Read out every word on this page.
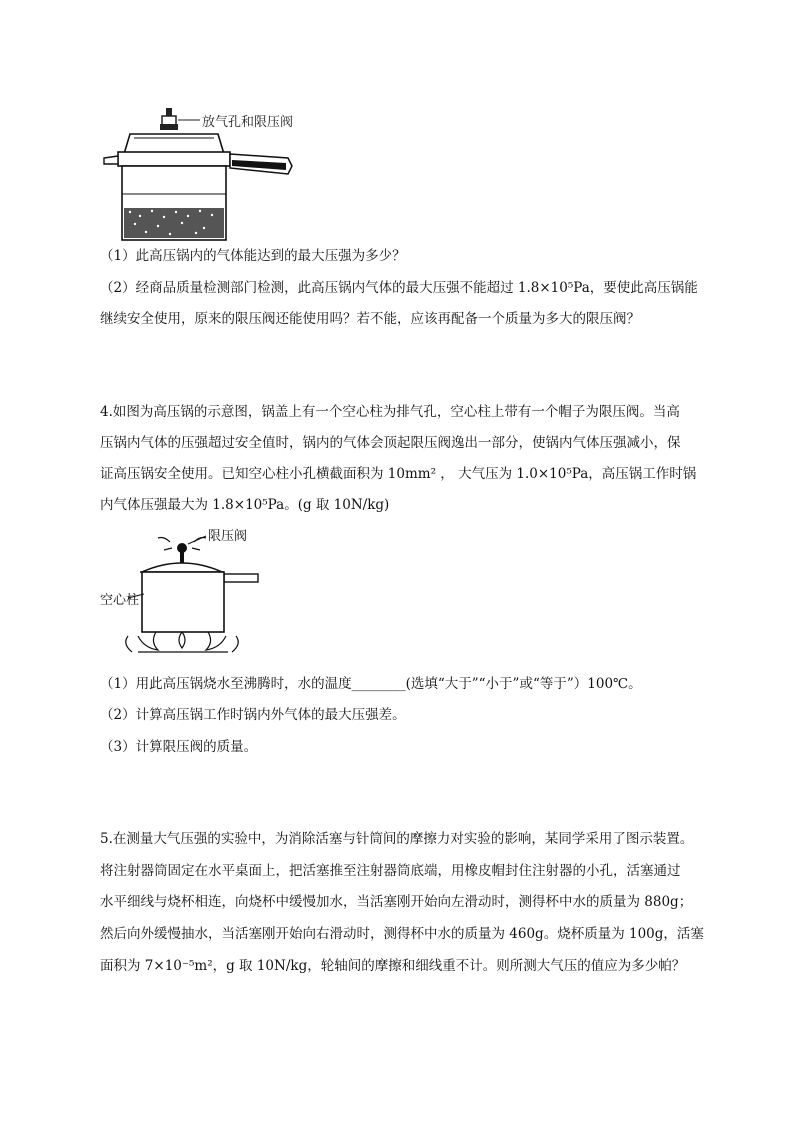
放气孔和限压阀
（1）此高压锅内的气体能达到的最大压强为多少？
（2）经商品质量检测部门检测，此高压锅内气体的最大压强不能超过 1.8×10⁵Pa，要使此高压锅能
继续安全使用，原来的限压阀还能使用吗？若不能，应该再配备一个质量为多大的限压阀？
4.如图为高压锅的示意图，锅盖上有一个空心柱为排气孔，空心柱上带有一个帽子为限压阀。当高
压锅内气体的压强超过安全值时，锅内的气体会顶起限压阀逸出一部分，使锅内气体压强减小，保
证高压锅安全使用。已知空心柱小孔横截面积为 10mm² ， 大气压为 1.0×10⁵Pa，高压锅工作时锅
内气体压强最大为 1.8×10⁵Pa。(g 取 10N/kg)
限压阀
空心柱
（1）用此高压锅烧水至沸腾时，水的温度________(选填“大于”“小于”或“等于”）100℃。
（2）计算高压锅工作时锅内外气体的最大压强差。
（3）计算限压阀的质量。
5.在测量大气压强的实验中，为消除活塞与针筒间的摩擦力对实验的影响，某同学采用了图示装置。
将注射器筒固定在水平桌面上，把活塞推至注射器筒底端，用橡皮帽封住注射器的小孔，活塞通过
水平细线与烧杯相连，向烧杯中缓慢加水，当活塞刚开始向左滑动时，测得杯中水的质量为 880g；
然后向外缓慢抽水，当活塞刚开始向右滑动时，测得杯中水的质量为 460g。烧杯质量为 100g，活塞
面积为 7×10⁻⁵m²，g 取 10N/kg，轮轴间的摩擦和细线重不计。则所测大气压的值应为多少帕？
